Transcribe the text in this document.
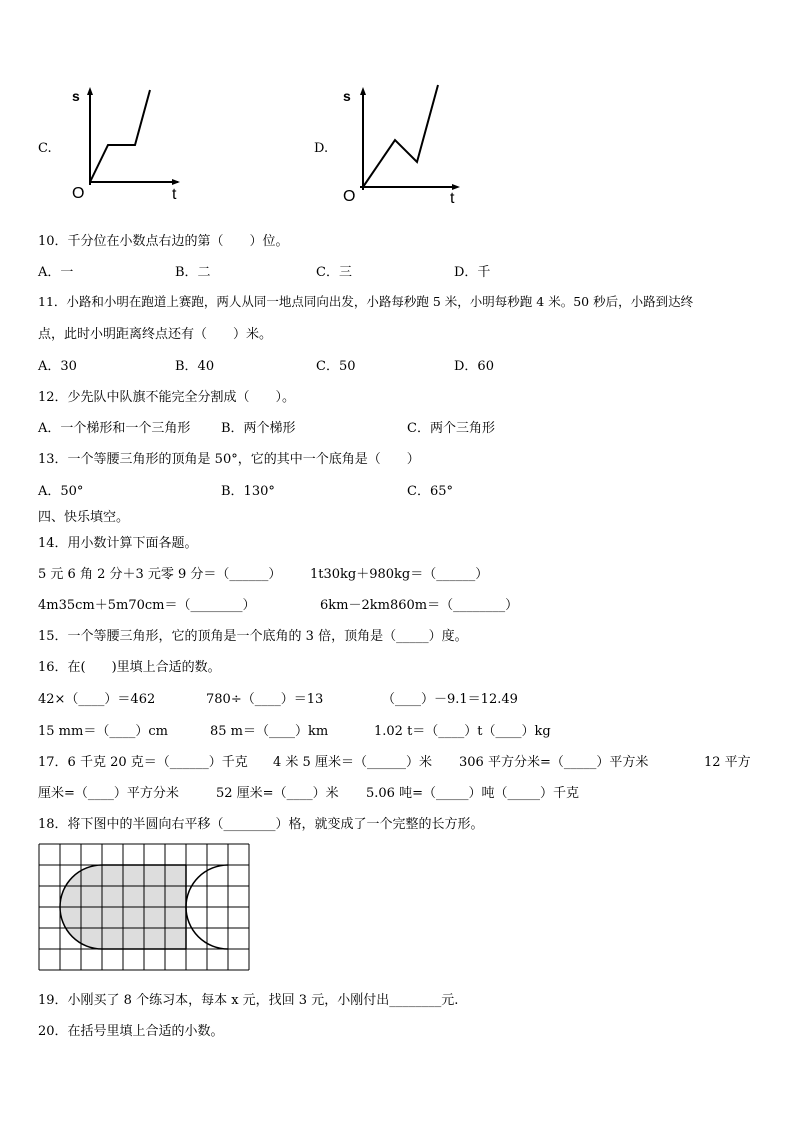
C.
s
t
O
D.
s
t
O
10．千分位在小数点右边的第（　　）位。
A．一	B．二	C．三	D．千
11．小路和小明在跑道上赛跑，两人从同一地点同向出发，小路每秒跑 5 米，小明每秒跑 4 米。50 秒后，小路到达终
点，此时小明距离终点还有（　　）米。
A．30	B．40	C．50	D．60
12．少先队中队旗不能完全分割成（　　）。
A．一个梯形和一个三角形 B．两个梯形	C．两个三角形
13．一个等腰三角形的顶角是 50°，它的其中一个底角是（　　）
A．50°	B．130°	C．65°
四、快乐填空。
14．用小数计算下面各题。
5 元 6 角 2 分＋3 元零 9 分＝（______） 1t30kg＋980kg＝（______）
4m35cm＋5m70cm＝（________）	6km－2km860m＝（________）
15．一个等腰三角形，它的顶角是一个底角的 3 倍，顶角是（_____）度。
16．在(　　)里填上合适的数。
42×（____）＝462	780÷（____）＝13	（____）－9.1＝12.49
15 mm＝（____）cm	85 m＝（____）km	1.02 t＝（____）t（____）kg
17．6 千克 20 克＝（______）千克 4 米 5 厘米＝（______）米 306 平方分米=（_____）平方米	12 平方
厘米=（____）平方分米	52 厘米=（____）米 5.06 吨=（_____）吨（_____）千克
18．将下图中的半圆向右平移（________）格，就变成了一个完整的长方形。
19．小刚买了 8 个练习本，每本 x 元，找回 3 元，小刚付出________元.
20．在括号里填上合适的小数。
